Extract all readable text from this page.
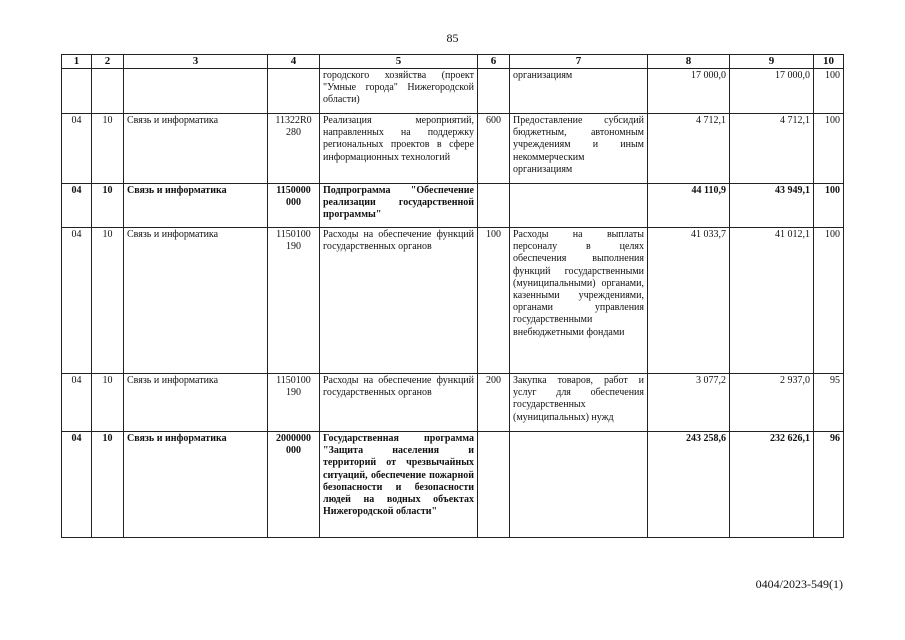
85
1	2	3	4	5	6	7	8	9	10
				городского хозяйства (проект "Умные города" Нижегородской области)		организациям	17 000,0	17 000,0	100
04	10	Связь и информатика	11322R0 280	Реализация мероприятий, направленных на поддержку региональных проектов в сфере информационных технологий	600	Предоставление субсидий бюджетным, автономным учреждениям и иным некоммерческим организациям	4 712,1	4 712,1	100
04	10	Связь и информатика	1150000 000	Подпрограмма "Обеспечение реализации государственной программы"			44 110,9	43 949,1	100
04	10	Связь и информатика	1150100 190	Расходы на обеспечение функций государственных органов	100	Расходы на выплаты персоналу в целях обеспечения выполнения функций государственными (муниципальными) органами, казенными учреждениями, органами управления государственными внебюджетными фондами	41 033,7	41 012,1	100
04	10	Связь и информатика	1150100 190	Расходы на обеспечение функций государственных органов	200	Закупка товаров, работ и услуг для обеспечения государственных (муниципальных) нужд	3 077,2	2 937,0	95
04	10	Связь и информатика	2000000 000	Государственная программа "Защита населения и территорий от чрезвычайных ситуаций, обеспечение пожарной безопасности и безопасности людей на водных объектах Нижегородской области"			243 258,6	232 626,1	96
0404/2023-549(1)
